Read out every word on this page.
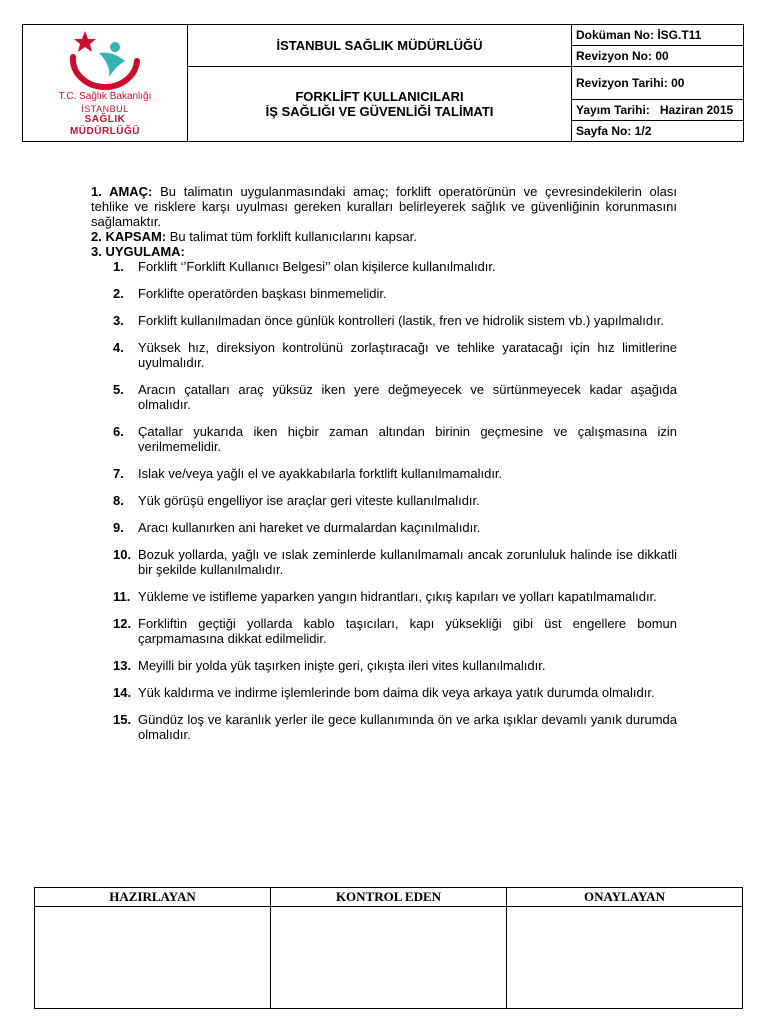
T.C. Sağlık Bakanlığı
İSTANBUL
SAĞLIK
MÜDÜRLÜĞÜ	İSTANBUL SAĞLIK MÜDÜRLÜĞÜ	Doküman No: İSG.T11
		Revizyon No: 00

	FORKLİFT KULLANICILARI
İŞ SAĞLIĞI VE GÜVENLİĞİ TALİMATI	Revizyon Tarihi: 00
		Yayım Tarihi: Haziran 2015
		Sayfa No: 1/2

1. AMAÇ: Bu talimatın uygulanmasındaki amaç; forklift operatörünün ve çevresindekilerin olası tehlike ve risklere karşı uyulması gereken kuralları belirleyerek sağlık ve güvenliğinin korunmasını sağlamaktır.

2. KAPSAM: Bu talimat tüm forklift kullanıcılarını kapsar.

3. UYGULAMA:

1. Forklift ‘’Forklift Kullanıcı Belgesi’’ olan kişilerce kullanılmalıdır.
2. Forklifte operatörden başkası binmemelidir.
3. Forklift kullanılmadan önce günlük kontrolleri (lastik, fren ve hidrolik sistem vb.) yapılmalıdır.
4. Yüksek hız, direksiyon kontrolünü zorlaştıracağı ve tehlike yaratacağı için hız limitlerine uyulmalıdır.
5. Aracın çatalları araç yüksüz iken yere değmeyecek ve sürtünmeyecek kadar aşağıda olmalıdır.
6. Çatallar yukarıda iken hiçbir zaman altından birinin geçmesine ve çalışmasına izin verilmemelidir.
7. Islak ve/veya yağlı el ve ayakkabılarla forktlift kullanılmamalıdır.
8. Yük görüşü engelliyor ise araçlar geri viteste kullanılmalıdır.
9. Aracı kullanırken ani hareket ve durmalardan kaçınılmalıdır.
10. Bozuk yollarda, yağlı ve ıslak zeminlerde kullanılmamalı ancak zorunluluk halinde ise dikkatli bir şekilde kullanılmalıdır.
11. Yükleme ve istifleme yaparken yangın hidrantları, çıkış kapıları ve yolları kapatılmamalıdır.
12. Forkliftin geçtiği yollarda kablo taşıcıları, kapı yüksekliği gibi üst engellere bomun çarpmamasına dikkat edilmelidir.
13. Meyilli bir yolda yük taşırken inişte geri, çıkışta ileri vites kullanılmalıdır.
14. Yük kaldırma ve indirme işlemlerinde bom daima dik veya arkaya yatık durumda olmalıdır.
15. Gündüz loş ve karanlık yerler ile gece kullanımında ön ve arka ışıklar devamlı yanık durumda olmalıdır.
HAZIRLAYAN	KONTROL EDEN	ONAYLAYAN
